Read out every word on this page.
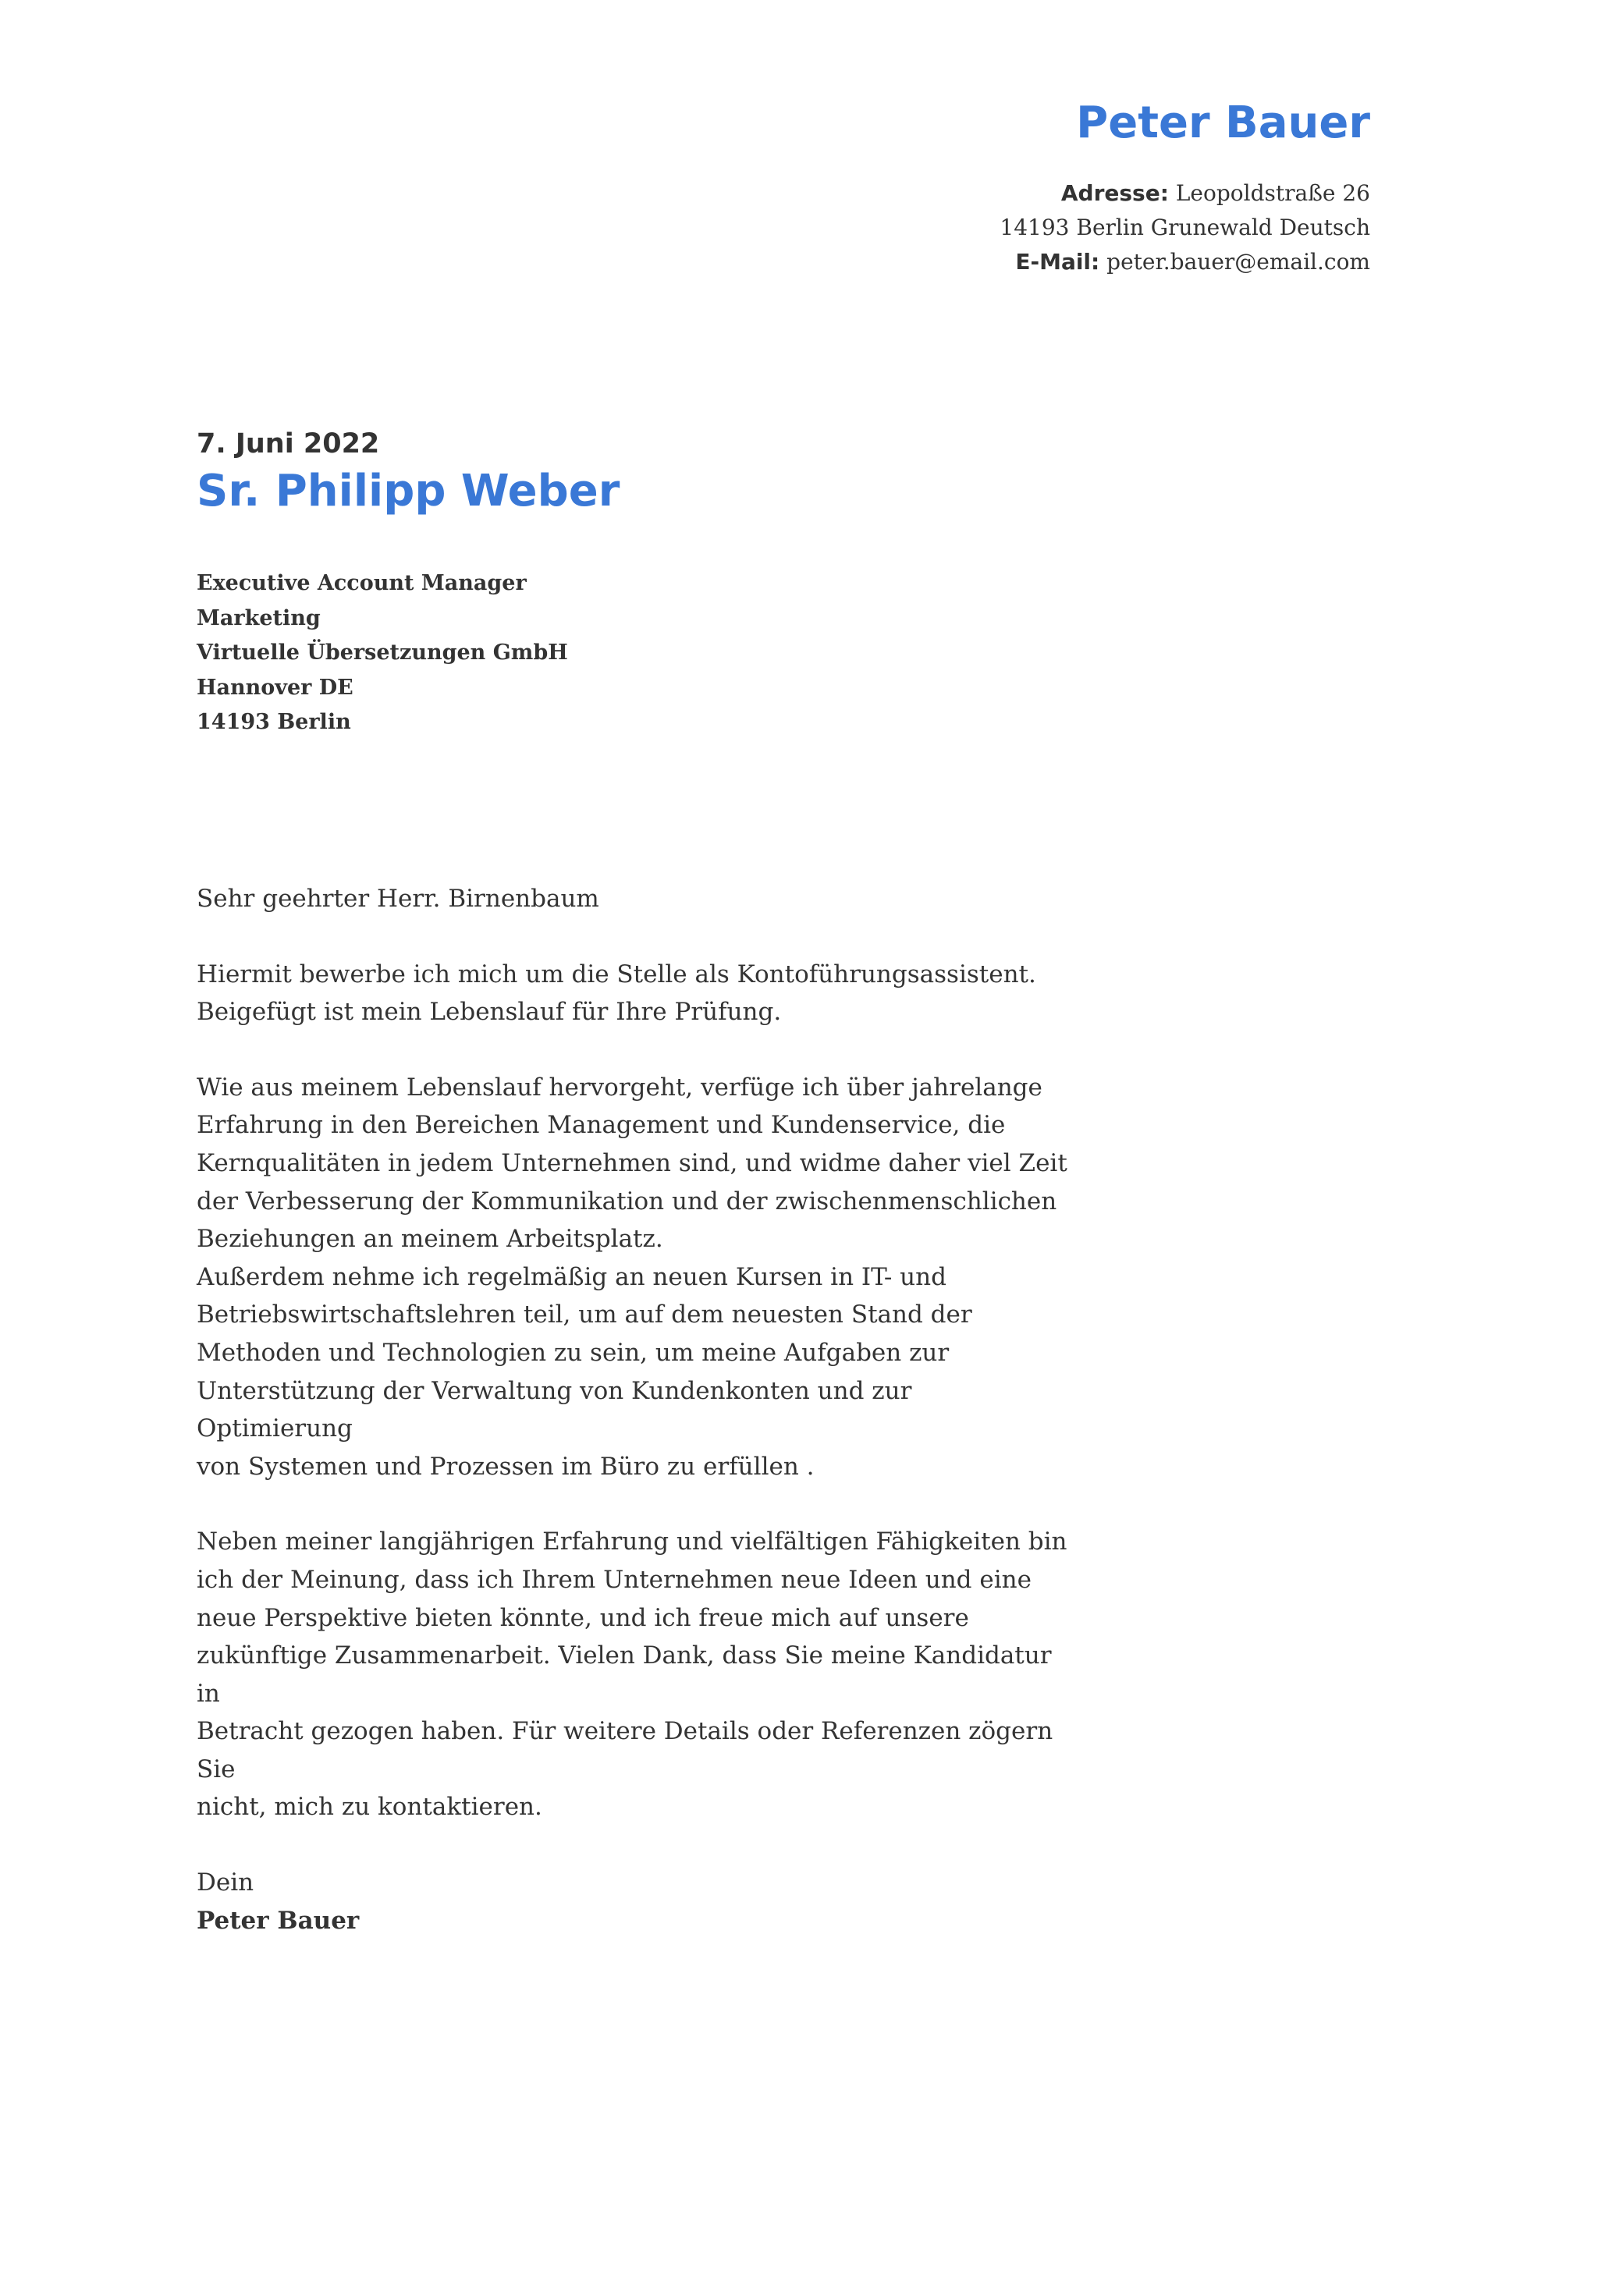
Peter Bauer
Adresse: Leopoldstraße 26
14193 Berlin Grunewald Deutsch
E-Mail: peter.bauer@email.com
7. Juni 2022
Sr. Philipp Weber
Executive Account Manager
Marketing
Virtuelle Übersetzungen GmbH
Hannover DE
14193 Berlin

Sehr geehrter Herr. Birnenbaum

Hiermit bewerbe ich mich um die Stelle als Kontoführungsassistent.
Beigefügt ist mein Lebenslauf für Ihre Prüfung.

Wie aus meinem Lebenslauf hervorgeht, verfüge ich über jahrelange
Erfahrung in den Bereichen Management und Kundenservice, die
Kernqualitäten in jedem Unternehmen sind, und widme daher viel Zeit
der Verbesserung der Kommunikation und der zwischenmenschlichen
Beziehungen an meinem Arbeitsplatz.
Außerdem nehme ich regelmäßig an neuen Kursen in IT- und
Betriebswirtschaftslehren teil, um auf dem neuesten Stand der
Methoden und Technologien zu sein, um meine Aufgaben zur
Unterstützung der Verwaltung von Kundenkonten und zur Optimierung
von Systemen und Prozessen im Büro zu erfüllen .

Neben meiner langjährigen Erfahrung und vielfältigen Fähigkeiten bin
ich der Meinung, dass ich Ihrem Unternehmen neue Ideen und eine
neue Perspektive bieten könnte, und ich freue mich auf unsere
zukünftige Zusammenarbeit. Vielen Dank, dass Sie meine Kandidatur in
Betracht gezogen haben. Für weitere Details oder Referenzen zögern Sie
nicht, mich zu kontaktieren.

Dein

Peter Bauer
